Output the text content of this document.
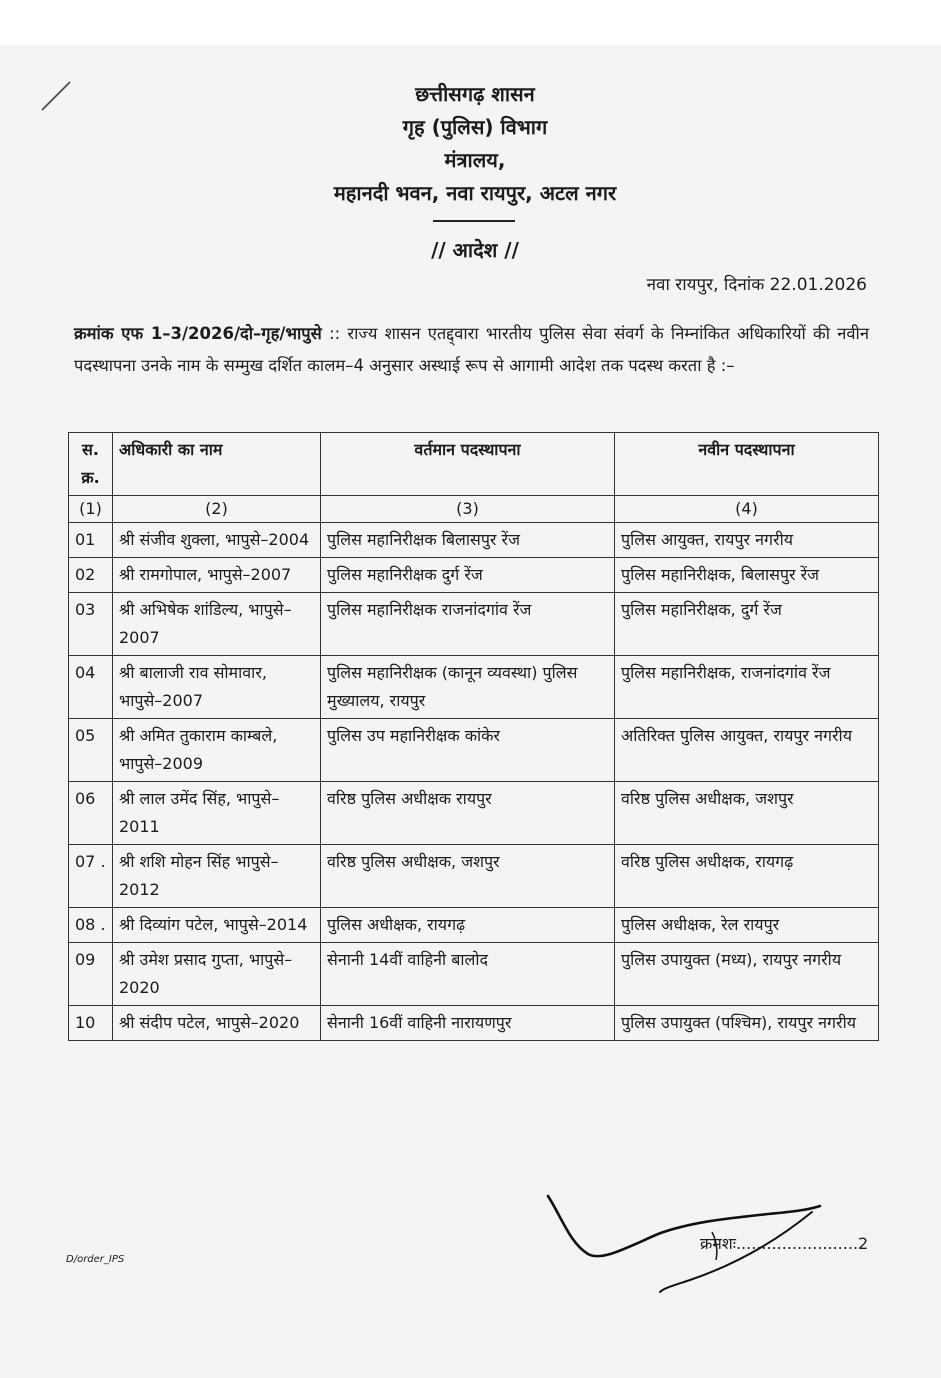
छत्तीसगढ़ शासन
गृह (पुलिस) विभाग
मंत्रालय,
महानदी भवन, नवा रायपुर, अटल नगर
// आदेश //
नवा रायपुर, दिनांक 22.01.2026
क्रमांक एफ 1–3/2026/दो–गृह/भापुसे :: राज्य शासन एतद्द्वारा भारतीय पुलिस सेवा संवर्ग के निम्नांकित अधिकारियों की नवीन पदस्थापना उनके नाम के सम्मुख दर्शित कालम–4 अनुसार अस्थाई रूप से आगामी आदेश तक पदस्थ करता है :–
स. क्र.	अधिकारी का नाम	वर्तमान पदस्थापना	नवीन पदस्थापना
(1)	(2)	(3)	(4)
01	श्री संजीव शुक्ला, भापुसे–2004	पुलिस महानिरीक्षक बिलासपुर रेंज	पुलिस आयुक्त, रायपुर नगरीय
02	श्री रामगोपाल, भापुसे–2007	पुलिस महानिरीक्षक दुर्ग रेंज	पुलिस महानिरीक्षक, बिलासपुर रेंज
03	श्री अभिषेक शांडिल्य, भापुसे–2007	पुलिस महानिरीक्षक राजनांदगांव रेंज	पुलिस महानिरीक्षक, दुर्ग रेंज
04	श्री बालाजी राव सोमावार, भापुसे–2007	पुलिस महानिरीक्षक (कानून व्यवस्था) पुलिस मुख्यालय, रायपुर	पुलिस महानिरीक्षक, राजनांदगांव रेंज
05	श्री अमित तुकाराम काम्बले, भापुसे–2009	पुलिस उप महानिरीक्षक कांकेर	अतिरिक्त पुलिस आयुक्त, रायपुर नगरीय
06	श्री लाल उमेंद सिंह, भापुसे–2011	वरिष्ठ पुलिस अधीक्षक रायपुर	वरिष्ठ पुलिस अधीक्षक, जशपुर
07 .	श्री शशि मोहन सिंह भापुसे– 2012	वरिष्ठ पुलिस अधीक्षक, जशपुर	वरिष्ठ पुलिस अधीक्षक, रायगढ़
08 .	श्री दिव्यांग पटेल, भापुसे–2014	पुलिस अधीक्षक, रायगढ़	पुलिस अधीक्षक, रेल रायपुर
09	श्री उमेश प्रसाद गुप्ता, भापुसे–2020	सेनानी 14वीं वाहिनी बालोद	पुलिस उपायुक्त (मध्य), रायपुर नगरीय
10	श्री संदीप पटेल, भापुसे–2020	सेनानी 16वीं वाहिनी नारायणपुर	पुलिस उपायुक्त (पश्चिम), रायपुर नगरीय
क्रमशः........................2
D/order_IPS
